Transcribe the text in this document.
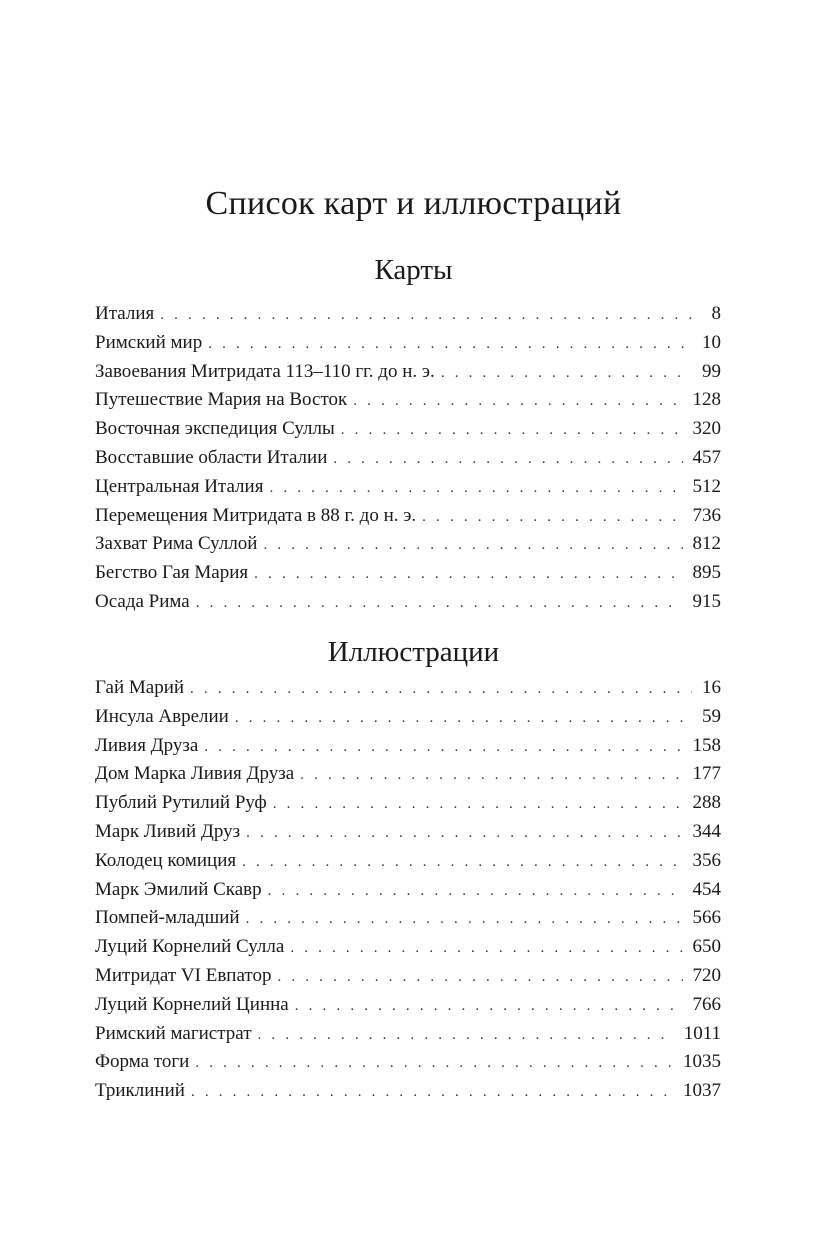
Список карт и иллюстраций
Карты
Италия . . .	8
Римский мир . . .	10
Завоевания Митридата 113–110 гг. до н. э. . . .	99
Путешествие Мария на Восток . . .	128
Восточная экспедиция Суллы . . .	320
Восставшие области Италии . . .	457
Центральная Италия . . .	512
Перемещения Митридата в 88 г. до н. э. . . .	736
Захват Рима Суллой . . .	812
Бегство Гая Мария . . .	895
Осада Рима . . .	915
Иллюстрации
Гай Марий . . .	16
Инсула Аврелии . . .	59
Ливия Друза . . .	158
Дом Марка Ливия Друза . . .	177
Публий Рутилий Руф . . .	288
Марк Ливий Друз . . .	344
Колодец комиция . . .	356
Марк Эмилий Скавр . . .	454
Помпей-младший . . .	566
Луций Корнелий Сулла . . .	650
Митридат VI Евпатор . . .	720
Луций Корнелий Цинна . . .	766
Римский магистрат . . .	1011
Форма тоги . . .	1035
Триклиний . . .	1037
